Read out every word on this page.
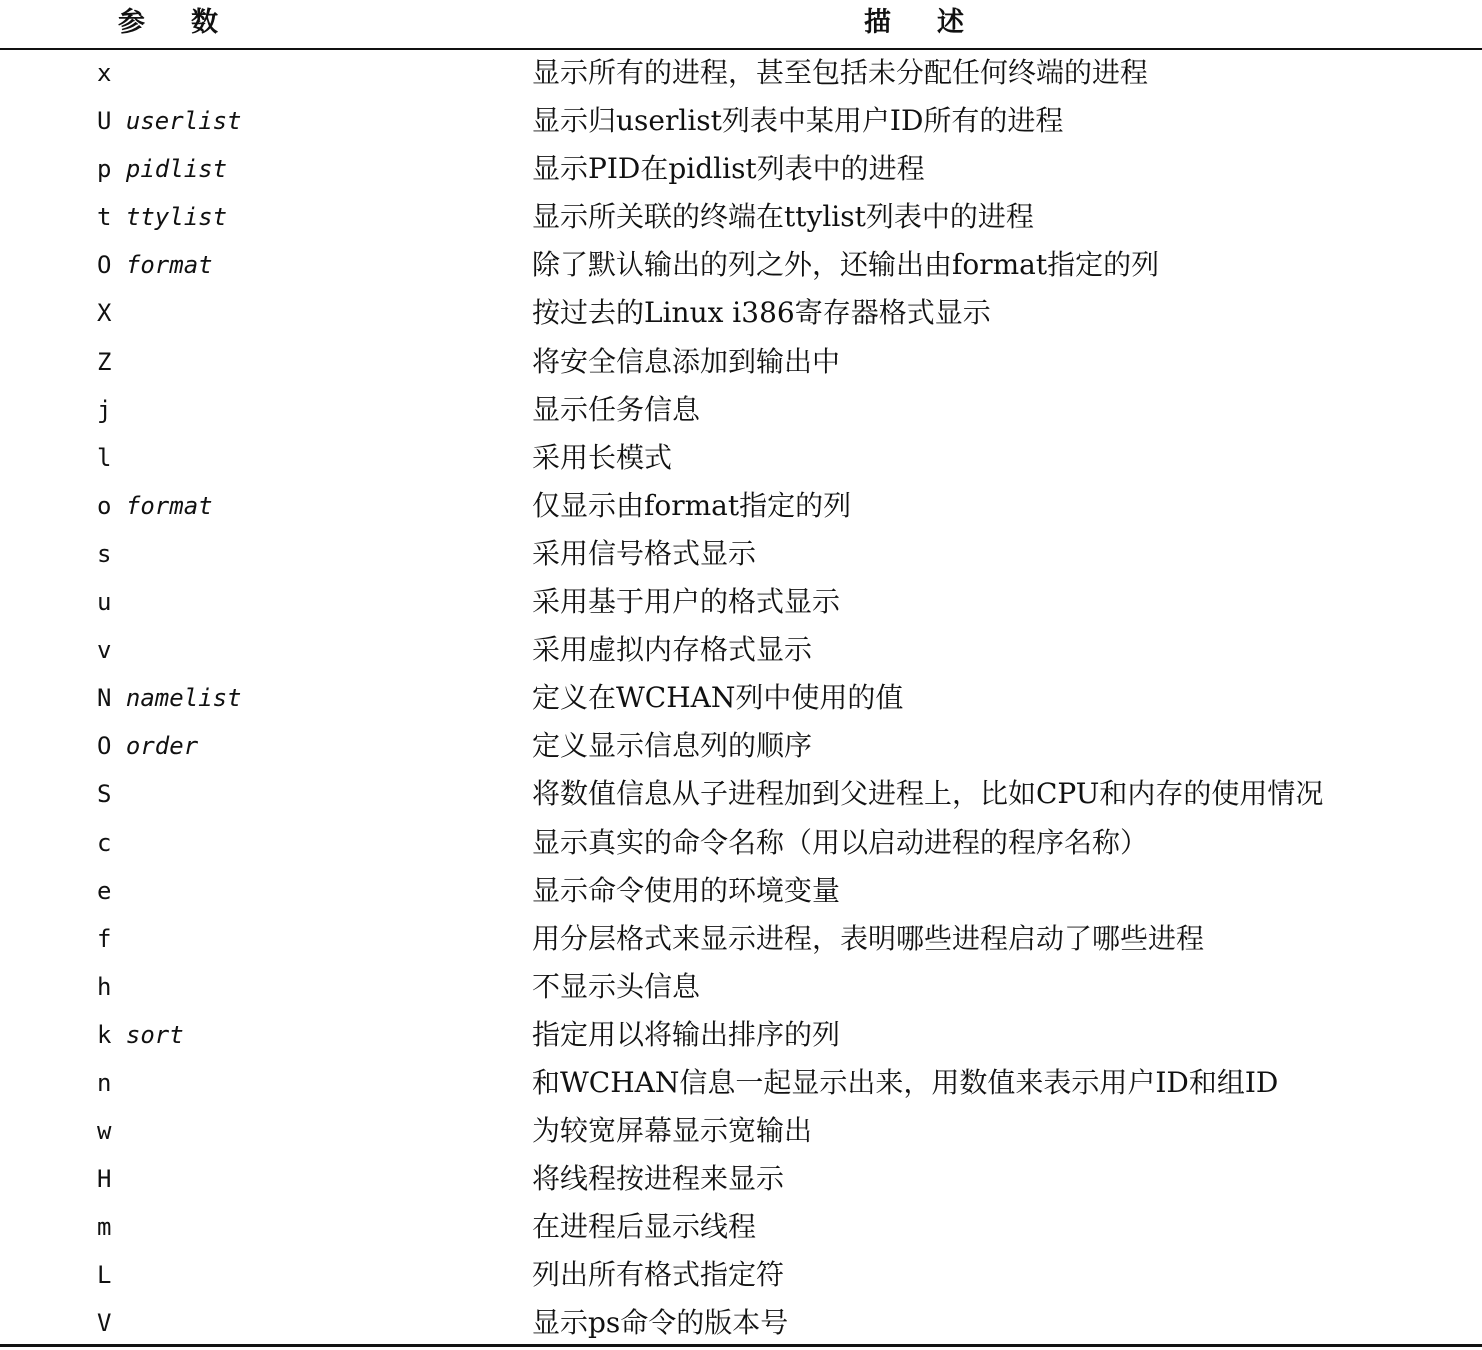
参数	描述
x	显示所有的进程，甚至包括未分配任何终端的进程
U userlist	显示归userlist列表中某用户ID所有的进程
p pidlist	显示PID在pidlist列表中的进程
t ttylist	显示所关联的终端在ttylist列表中的进程
O format	除了默认输出的列之外，还输出由format指定的列
X	按过去的Linux i386寄存器格式显示
Z	将安全信息添加到输出中
j	显示任务信息
l	采用长模式
o format	仅显示由format指定的列
s	采用信号格式显示
u	采用基于用户的格式显示
v	采用虚拟内存格式显示
N namelist	定义在WCHAN列中使用的值
O order	定义显示信息列的顺序
S	将数值信息从子进程加到父进程上，比如CPU和内存的使用情况
c	显示真实的命令名称（用以启动进程的程序名称）
e	显示命令使用的环境变量
f	用分层格式来显示进程，表明哪些进程启动了哪些进程
h	不显示头信息
k sort	指定用以将输出排序的列
n	和WCHAN信息一起显示出来，用数值来表示用户ID和组ID
w	为较宽屏幕显示宽输出
H	将线程按进程来显示
m	在进程后显示线程
L	列出所有格式指定符
V	显示ps命令的版本号
